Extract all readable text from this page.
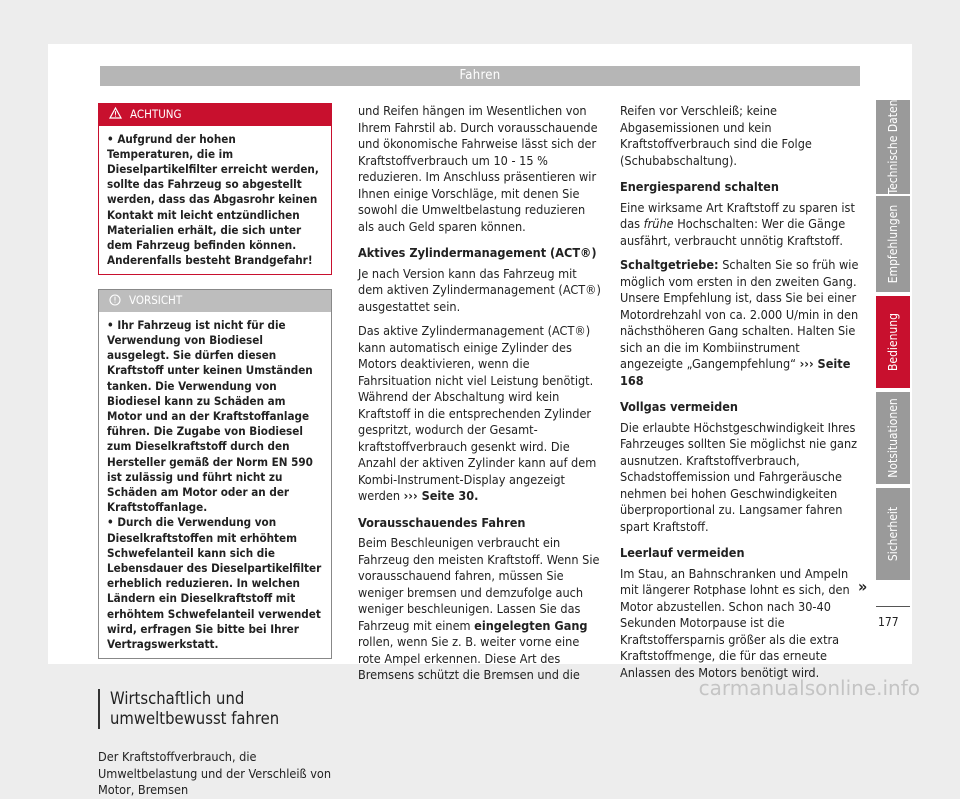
Fahren
ACHTUNG
• Aufgrund der hohen Temperaturen, die im Dieselpartikelfilter erreicht werden, sollte das Fahrzeug so abgestellt werden, dass das Abgasrohr keinen Kontakt mit leicht entzündlichen Materialien erhält, die sich unter dem Fahrzeug befinden können. Anderenfalls besteht Brandgefahr!
VORSICHT
• Ihr Fahrzeug ist nicht für die Verwendung von Biodiesel ausgelegt. Sie dürfen diesen Kraftstoff unter keinen Umständen tanken. Die Verwendung von Biodiesel kann zu Schäden am Motor und an der Kraftstoffanlage führen. Die Zugabe von Biodiesel zum Dieselkraftstoff durch den Hersteller gemäß der Norm EN 590 ist zulässig und führt nicht zu Schäden am Motor oder an der Kraftstoffanlage.
• Durch die Verwendung von Dieselkraftstoffen mit erhöhtem Schwefelanteil kann sich die Lebensdauer des Dieselpartikelfilter erheblich reduzieren. In welchen Ländern ein Dieselkraftstoff mit erhöhtem Schwefelanteil verwendet wird, erfragen Sie bitte bei Ihrer Vertragswerkstatt.
Wirtschaftlich und umweltbewusst fahren
Der Kraftstoffverbrauch, die Umweltbelastung und der Verschleiß von Motor, Bremsen
und Reifen hängen im Wesentlichen von Ihrem Fahrstil ab. Durch vorausschauende und ökonomische Fahrweise lässt sich der Kraftstoffverbrauch um 10 - 15 % reduzieren. Im Anschluss präsentieren wir Ihnen einige Vorschläge, mit denen Sie sowohl die Umweltbelastung reduzieren als auch Geld sparen können.
Aktives Zylindermanagement (ACT®)
Je nach Version kann das Fahrzeug mit dem aktiven Zylindermanagement (ACT®) ausgestattet sein.
Das aktive Zylindermanagement (ACT®) kann automatisch einige Zylinder des Motors deaktivieren, wenn die Fahrsituation nicht viel Leistung benötigt. Während der Abschaltung wird kein Kraftstoff in die entsprechenden Zylinder gespritzt, wodurch der Gesamtkraftstoffverbrauch gesenkt wird. Die Anzahl der aktiven Zylinder kann auf dem Kombi-Instrument-Display angezeigt werden ››› Seite 30.
Vorausschauendes Fahren
Beim Beschleunigen verbraucht ein Fahrzeug den meisten Kraftstoff. Wenn Sie vorausschauend fahren, müssen Sie weniger bremsen und demzufolge auch weniger beschleunigen. Lassen Sie das Fahrzeug mit einem eingelegten Gang rollen, wenn Sie z. B. weiter vorne eine rote Ampel erkennen. Diese Art des Bremsens schützt die Bremsen und die
Reifen vor Verschleiß; keine Abgasemissionen und kein Kraftstoffverbrauch sind die Folge (Schubabschaltung).
Energiesparend schalten
Eine wirksame Art Kraftstoff zu sparen ist das frühe Hochschalten: Wer die Gänge ausfährt, verbraucht unnötig Kraftstoff.
Schaltgetriebe: Schalten Sie so früh wie möglich vom ersten in den zweiten Gang. Unsere Empfehlung ist, dass Sie bei einer Motordrehzahl von ca. 2.000 U/min in den nächsthöheren Gang schalten. Halten Sie sich an die im Kombiinstrument angezeigte „Gangempfehlung“ ››› Seite 168
Vollgas vermeiden
Die erlaubte Höchstgeschwindigkeit Ihres Fahrzeuges sollten Sie möglichst nie ganz ausnutzen. Kraftstoffverbrauch, Schadstoffemission und Fahrgeräusche nehmen bei hohen Geschwindigkeiten überproportional zu. Langsamer fahren spart Kraftstoff.
Leerlauf vermeiden
Im Stau, an Bahnschranken und Ampeln mit längerer Rotphase lohnt es sich, den Motor abzustellen. Schon nach 30-40 Sekunden Motorpause ist die Kraftstoffersparnis größer als die extra Kraftstoffmenge, die für das erneute Anlassen des Motors benötigt wird.
»
Technische Daten
Empfehlungen
Bedienung
Notsituationen
Sicherheit
177
carmanualsonline.info
